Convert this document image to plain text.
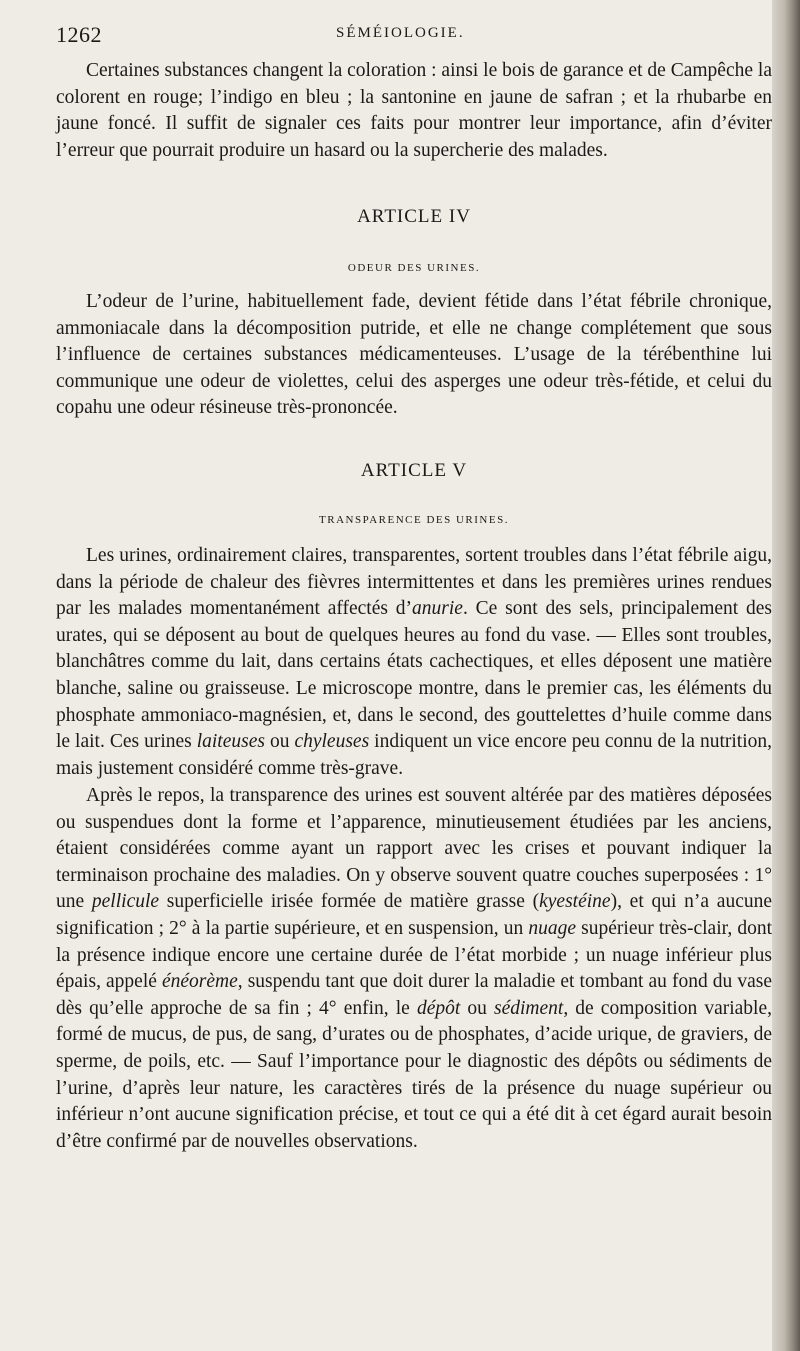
1262	SÉMÉIOLOGIE.

Certaines substances changent la coloration : ainsi le bois de garance et de Campêche la colorent en rouge; l’indigo en bleu ; la santonine en jaune de safran ; et la rhubarbe en jaune foncé. Il suffit de signaler ces faits pour montrer leur importance, afin d’éviter l’erreur que pourrait produire un hasard ou la supercherie des malades.

ARTICLE IV
ODEUR DES URINES.

L’odeur de l’urine, habituellement fade, devient fétide dans l’état fébrile chronique, ammoniacale dans la décomposition putride, et elle ne change complétement que sous l’influence de certaines substances médicamenteuses. L’usage de la térébenthine lui communique une odeur de violettes, celui des asperges une odeur très-fétide, et celui du copahu une odeur résineuse très-prononcée.

ARTICLE V
TRANSPARENCE DES URINES.

Les urines, ordinairement claires, transparentes, sortent troubles dans l’état fébrile aigu, dans la période de chaleur des fièvres intermittentes et dans les premières urines rendues par les malades momentanément affectés d’anurie. Ce sont des sels, principalement des urates, qui se déposent au bout de quelques heures au fond du vase. — Elles sont troubles, blanchâtres comme du lait, dans certains états cachectiques, et elles déposent une matière blanche, saline ou graisseuse. Le microscope montre, dans le premier cas, les éléments du phosphate ammoniaco-magnésien, et, dans le second, des gouttelettes d’huile comme dans le lait. Ces urines laiteuses ou chyleuses indiquent un vice encore peu connu de la nutrition, mais justement considéré comme très-grave.

Après le repos, la transparence des urines est souvent altérée par des matières déposées ou suspendues dont la forme et l’apparence, minutieusement étudiées par les anciens, étaient considérées comme ayant un rapport avec les crises et pouvant indiquer la terminaison prochaine des maladies. On y observe souvent quatre couches superposées : 1° une pellicule superficielle irisée formée de matière grasse (kyestéine), et qui n’a aucune signification ; 2° à la partie supérieure, et en suspension, un nuage supérieur très-clair, dont la présence indique encore une certaine durée de l’état morbide ; un nuage inférieur plus épais, appelé énéorème, suspendu tant que doit durer la maladie et tombant au fond du vase dès qu’elle approche de sa fin ; 4° enfin, le dépôt ou sédiment, de composition variable, formé de mucus, de pus, de sang, d’urates ou de phosphates, d’acide urique, de graviers, de sperme, de poils, etc. — Sauf l’importance pour le diagnostic des dépôts ou sédiments de l’urine, d’après leur nature, les caractères tirés de la présence du nuage supérieur ou inférieur n’ont aucune signification précise, et tout ce qui a été dit à cet égard aurait besoin d’être confirmé par de nouvelles observations.
